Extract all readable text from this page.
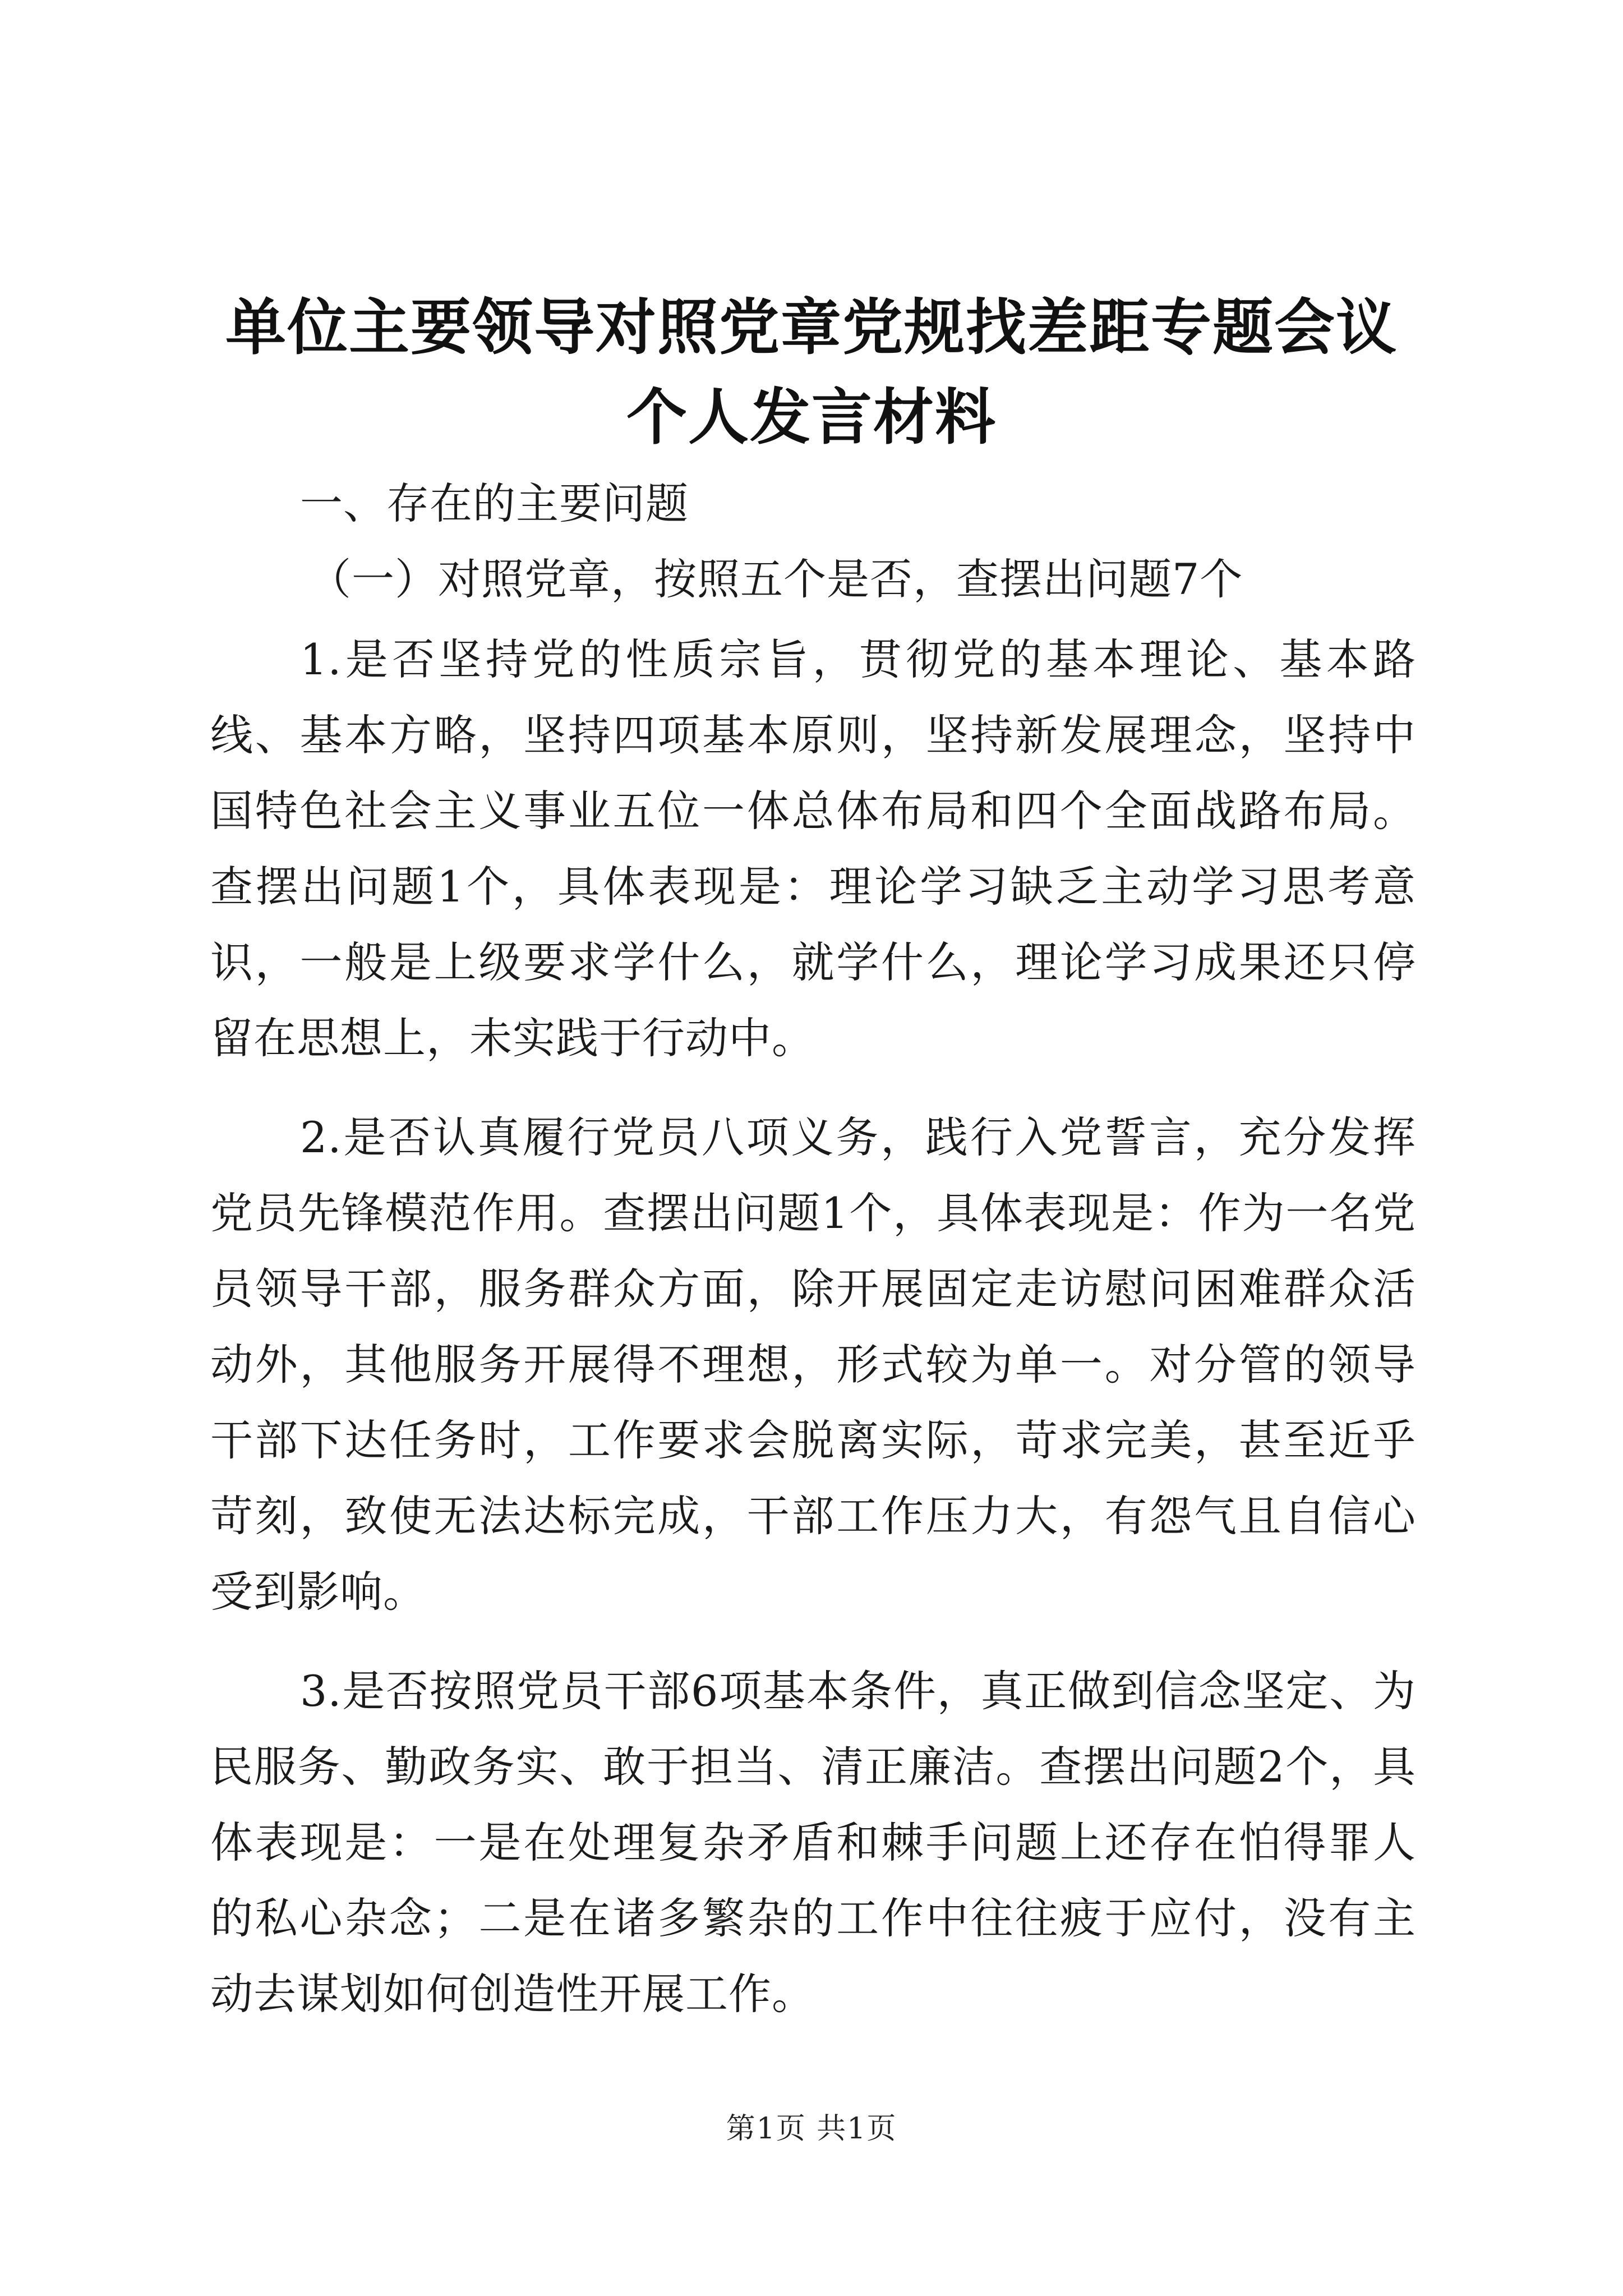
单位主要领导对照党章党规找差距专题会议个人发言材料

一、存在的主要问题

（一）对照党章，按照五个是否，查摆出问题7个

1.是否坚持党的性质宗旨，贯彻党的基本理论、基本路线、基本方略，坚持四项基本原则，坚持新发展理念，坚持中国特色社会主义事业五位一体总体布局和四个全面战路布局。查摆出问题1个，具体表现是：理论学习缺乏主动学习思考意识，一般是上级要求学什么，就学什么，理论学习成果还只停留在思想上，未实践于行动中。

2.是否认真履行党员八项义务，践行入党誓言，充分发挥党员先锋模范作用。查摆出问题1个，具体表现是：作为一名党员领导干部，服务群众方面，除开展固定走访慰问困难群众活动外，其他服务开展得不理想，形式较为单一。对分管的领导干部下达任务时，工作要求会脱离实际，苛求完美，甚至近乎苛刻，致使无法达标完成，干部工作压力大，有怨气且自信心受到影响。

3.是否按照党员干部6项基本条件，真正做到信念坚定、为民服务、勤政务实、敢于担当、清正廉洁。查摆出问题2个，具体表现是：一是在处理复杂矛盾和棘手问题上还存在怕得罪人的私心杂念；二是在诸多繁杂的工作中往往疲于应付，没有主动去谋划如何创造性开展工作。

第1页 共1页
